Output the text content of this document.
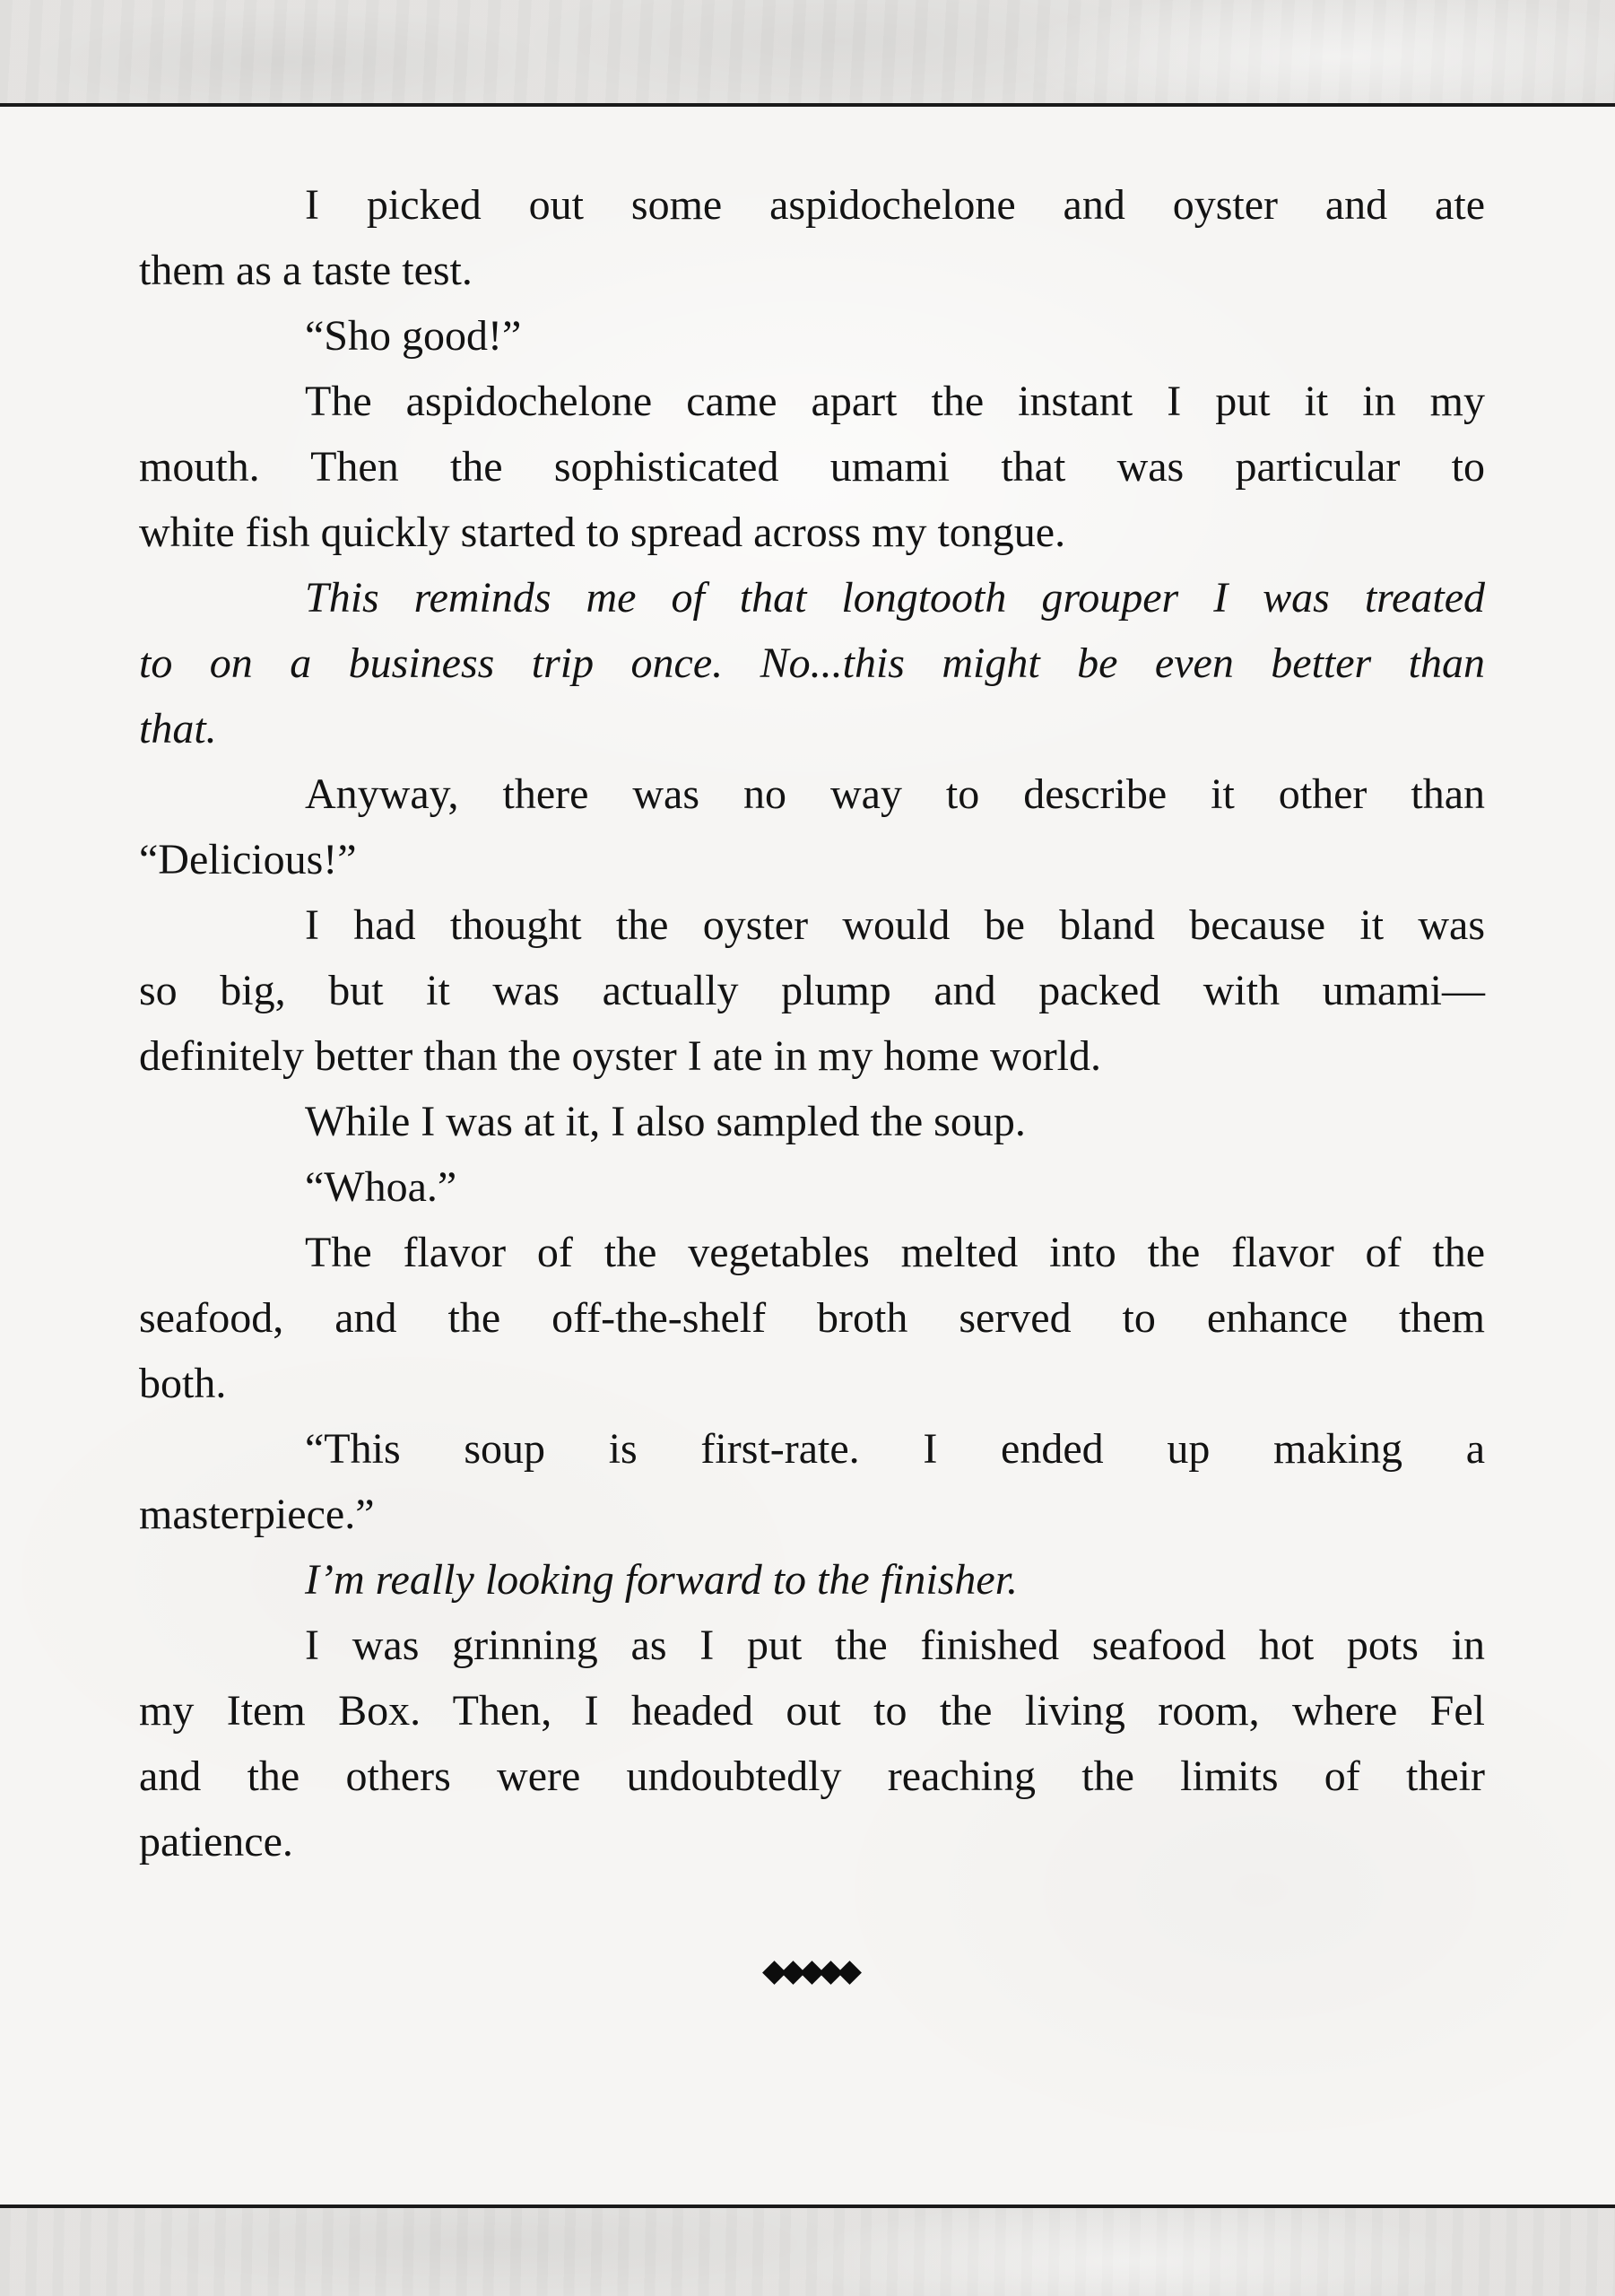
I picked out some aspidochelone and oyster and ate
them as a taste test.
“Sho good!”
The aspidochelone came apart the instant I put it in my
mouth. Then the sophisticated umami that was particular to
white fish quickly started to spread across my tongue.
This reminds me of that longtooth grouper I was treated
to on a business trip once. No...this might be even better than
that.
Anyway, there was no way to describe it other than
“Delicious!”
I had thought the oyster would be bland because it was
so big, but it was actually plump and packed with umami—
definitely better than the oyster I ate in my home world.
While I was at it, I also sampled the soup.
“Whoa.”
The flavor of the vegetables melted into the flavor of the
seafood, and the off-the-shelf broth served to enhance them
both.
“This soup is first-rate. I ended up making a
masterpiece.”
I’m really looking forward to the finisher.
I was grinning as I put the finished seafood hot pots in
my Item Box. Then, I headed out to the living room, where Fel
and the others were undoubtedly reaching the limits of their
patience.
